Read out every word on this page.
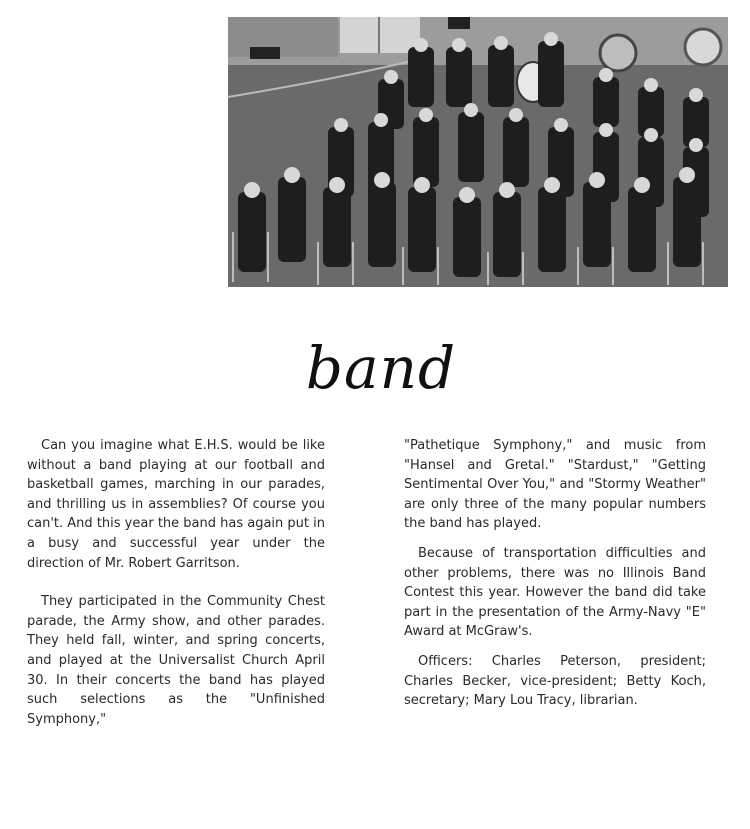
band

Can you imagine what E.H.S. would be like without a band playing at our football and basketball games, marching in our parades, and thrilling us in assemblies? Of course you can't. And this year the band has again put in a busy and successful year under the direction of Mr. Robert Garritson.

They participated in the Community Chest parade, the Army show, and other parades. They held fall, winter, and spring concerts, and played at the Universalist Church April 30. In their concerts the band has played such selections as the "Unfinished Symphony,"

"Pathetique Symphony," and music from "Hansel and Gretal." "Stardust," "Getting Sentimental Over You," and "Stormy Weather" are only three of the many popular numbers the band has played.

Because of transportation difficulties and other problems, there was no Illinois Band Contest this year. However the band did take part in the presentation of the Army-Navy "E" Award at McGraw's.

Officers: Charles Peterson, president; Charles Becker, vice-president; Betty Koch, secretary; Mary Lou Tracy, librarian.
